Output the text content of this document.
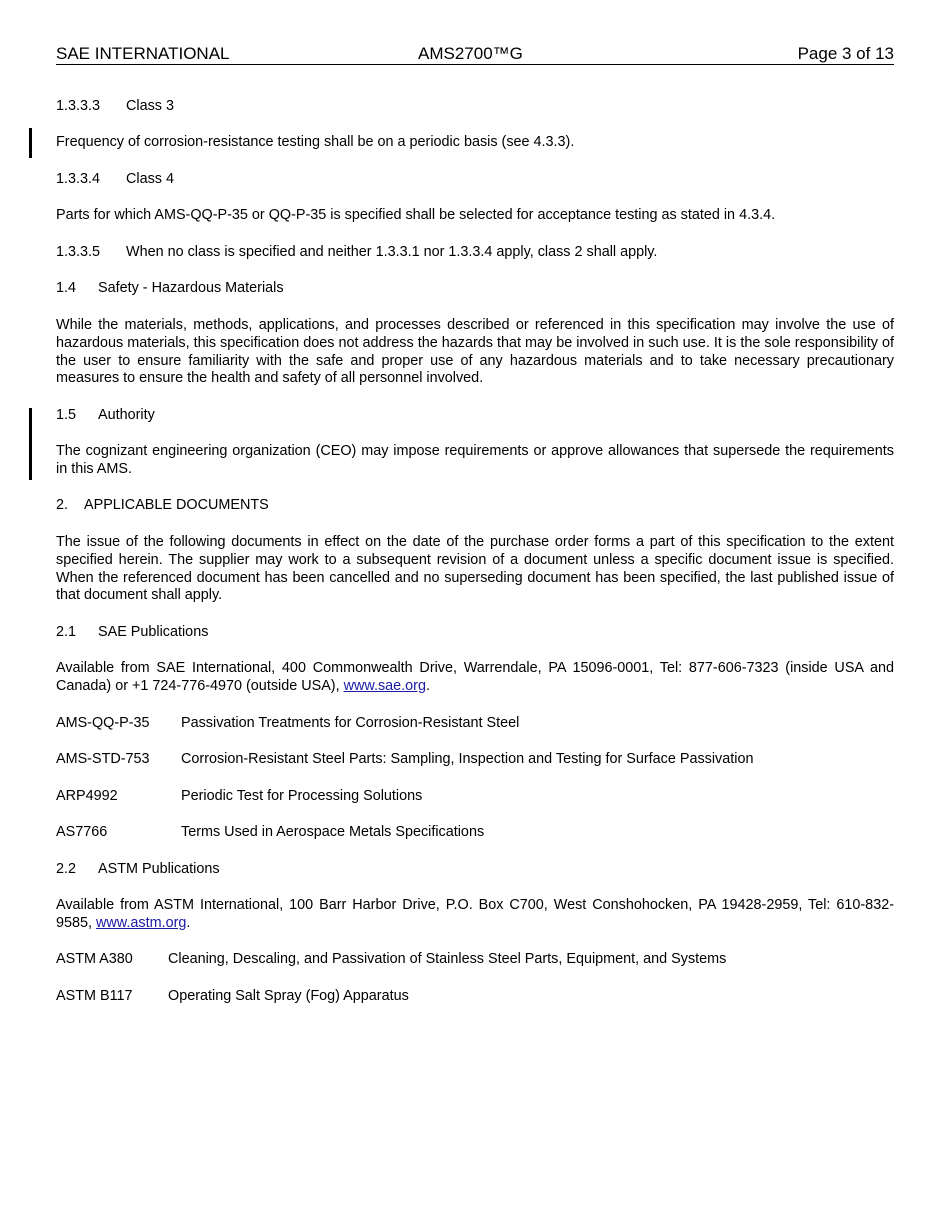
SAE INTERNATIONAL	AMS2700™G	Page 3 of 13
1.3.3.3 Class 3
Frequency of corrosion-resistance testing shall be on a periodic basis (see 4.3.3).
1.3.3.4 Class 4
Parts for which AMS-QQ-P-35 or QQ-P-35 is specified shall be selected for acceptance testing as stated in 4.3.4.
1.3.3.5 When no class is specified and neither 1.3.3.1 nor 1.3.3.4 apply, class 2 shall apply.
1.4 Safety - Hazardous Materials
While the materials, methods, applications, and processes described or referenced in this specification may involve the use of hazardous materials, this specification does not address the hazards that may be involved in such use. It is the sole responsibility of the user to ensure familiarity with the safe and proper use of any hazardous materials and to take necessary precautionary measures to ensure the health and safety of all personnel involved.
1.5 Authority
The cognizant engineering organization (CEO) may impose requirements or approve allowances that supersede the requirements in this AMS.
2. APPLICABLE DOCUMENTS
The issue of the following documents in effect on the date of the purchase order forms a part of this specification to the extent specified herein. The supplier may work to a subsequent revision of a document unless a specific document issue is specified. When the referenced document has been cancelled and no superseding document has been specified, the last published issue of that document shall apply.
2.1 SAE Publications
Available from SAE International, 400 Commonwealth Drive, Warrendale, PA 15096-0001, Tel: 877-606-7323 (inside USA and Canada) or +1 724-776-4970 (outside USA), www.sae.org.
AMS-QQ-P-35 Passivation Treatments for Corrosion-Resistant Steel
AMS-STD-753 Corrosion-Resistant Steel Parts: Sampling, Inspection and Testing for Surface Passivation
ARP4992	Periodic Test for Processing Solutions
AS7766	Terms Used in Aerospace Metals Specifications
2.2 ASTM Publications
Available from ASTM International, 100 Barr Harbor Drive, P.O. Box C700, West Conshohocken, PA 19428-2959, Tel: 610-832-9585, www.astm.org.
ASTM A380 Cleaning, Descaling, and Passivation of Stainless Steel Parts, Equipment, and Systems
ASTM B117 Operating Salt Spray (Fog) Apparatus
